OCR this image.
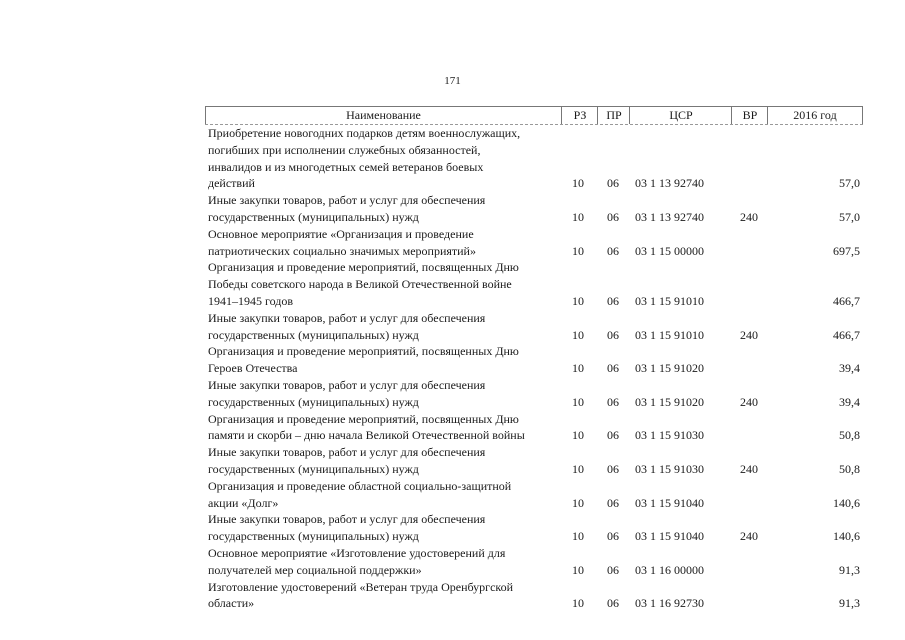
171
Наименование	РЗ	ПР	ЦСР	ВР	2016 год
Приобретение новогодних подарков детям военнослужащих,
погибших при исполнении служебных обязанностей,
инвалидов и из многодетных семей ветеранов боевых
действий	10	06	03 1 13 92740	57,0
Иные закупки товаров, работ и услуг для обеспечения
государственных (муниципальных) нужд	10	06	03 1 13 92740	240	57,0
Основное мероприятие «Организация и проведение
патриотических социально значимых мероприятий»	10	06	03 1 15 00000	697,5
Организация и проведение мероприятий, посвященных Дню
Победы советского народа в Великой Отечественной войне
1941–1945 годов	10	06	03 1 15 91010	466,7
Иные закупки товаров, работ и услуг для обеспечения
государственных (муниципальных) нужд	10	06	03 1 15 91010	240	466,7
Организация и проведение мероприятий, посвященных Дню
Героев Отечества	10	06	03 1 15 91020	39,4
Иные закупки товаров, работ и услуг для обеспечения
государственных (муниципальных) нужд	10	06	03 1 15 91020	240	39,4
Организация и проведение мероприятий, посвященных Дню
памяти и скорби – дню начала Великой Отечественной войны	10	06	03 1 15 91030	50,8
Иные закупки товаров, работ и услуг для обеспечения
государственных (муниципальных) нужд	10	06	03 1 15 91030	240	50,8
Организация и проведение областной социально-защитной
акции «Долг»	10	06	03 1 15 91040	140,6
Иные закупки товаров, работ и услуг для обеспечения
государственных (муниципальных) нужд	10	06	03 1 15 91040	240	140,6
Основное мероприятие «Изготовление удостоверений для
получателей мер социальной поддержки»	10	06	03 1 16 00000	91,3
Изготовление удостоверений «Ветеран труда Оренбургской
области»	10	06	03 1 16 92730	91,3
